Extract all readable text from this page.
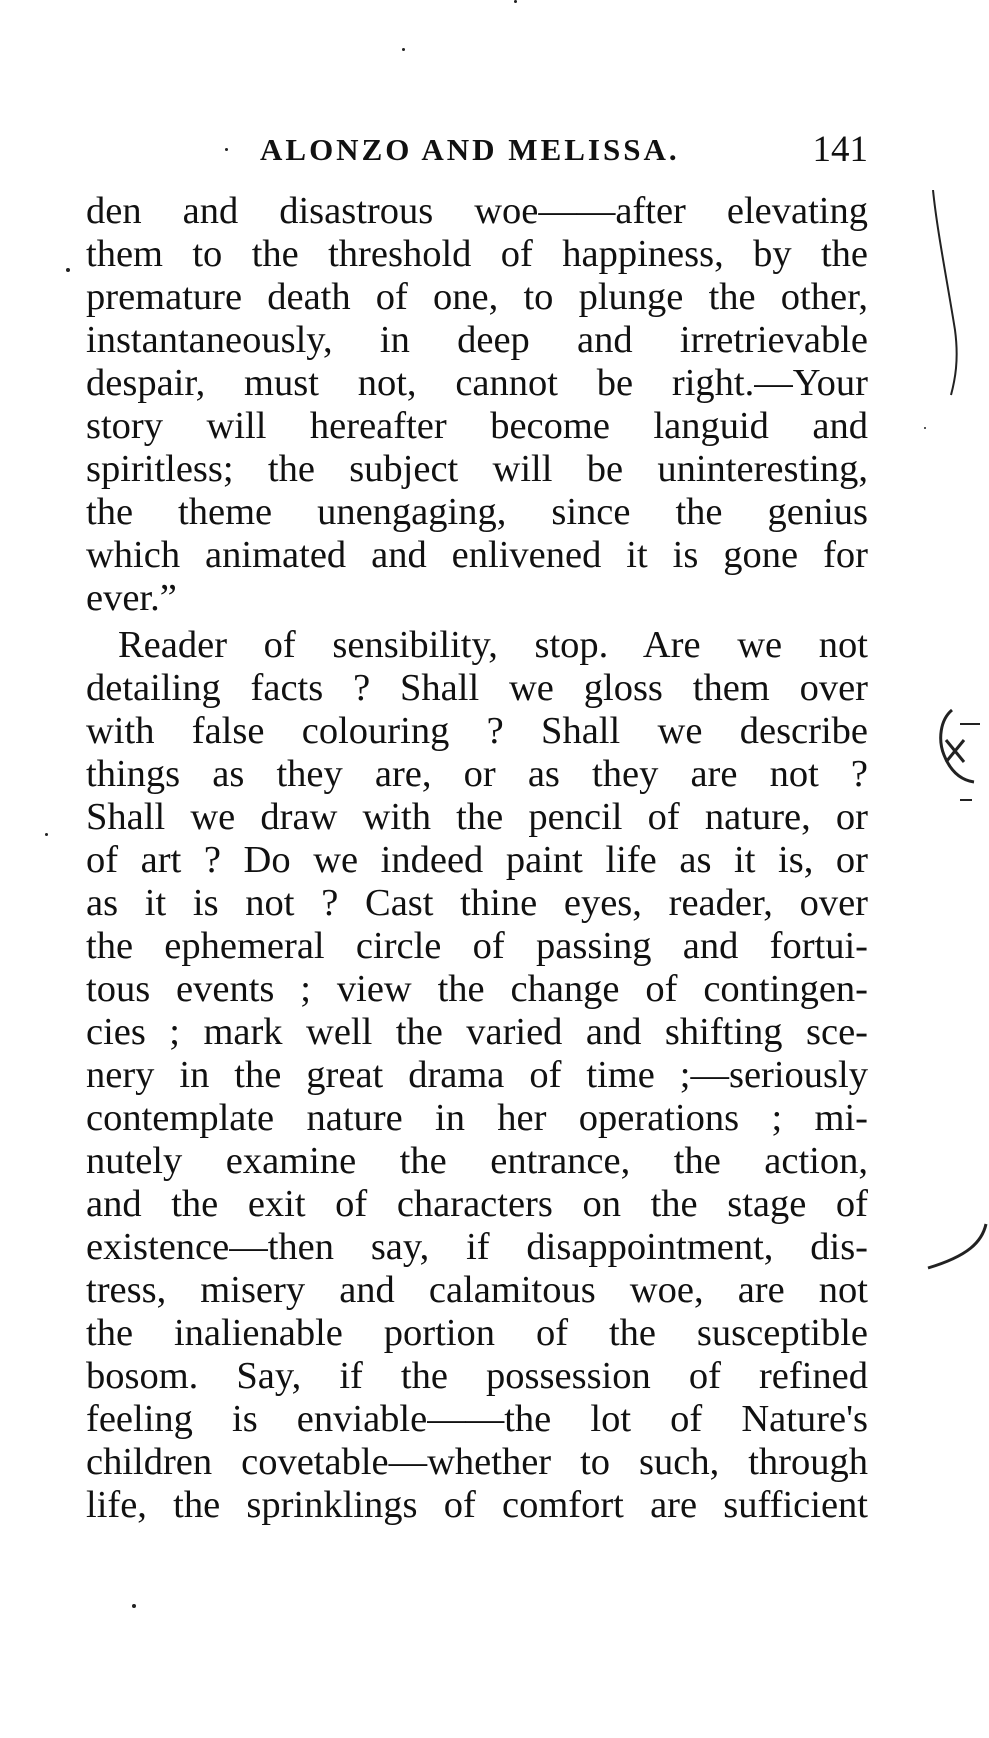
ALONZO AND MELISSA.	141
den and disastrous woe——after elevating
them to the threshold of happiness, by the
premature death of one, to plunge the other,
instantaneously, in deep and irretrievable
despair, must not, cannot be right.—Your
story will hereafter become languid and
spiritless; the subject will be uninteresting,
the theme unengaging, since the genius
which animated and enlivened it is gone for
ever.”
Reader of sensibility, stop. Are we not
detailing facts ? Shall we gloss them over
with false colouring ? Shall we describe
things as they are, or as they are not ?
Shall we draw with the pencil of nature, or
of art ? Do we indeed paint life as it is, or
as it is not ? Cast thine eyes, reader, over
the ephemeral circle of passing and fortui-
tous events ; view the change of contingen-
cies ; mark well the varied and shifting sce-
nery in the great drama of time ;—seriously
contemplate nature in her operations ; mi-
nutely examine the entrance, the action,
and the exit of characters on the stage of
existence—then say, if disappointment, dis-
tress, misery and calamitous woe, are not
the inalienable portion of the susceptible
bosom. Say, if the possession of refined
feeling is enviable——the lot of Nature's
children covetable—whether to such, through
life, the sprinklings of comfort are sufficient
